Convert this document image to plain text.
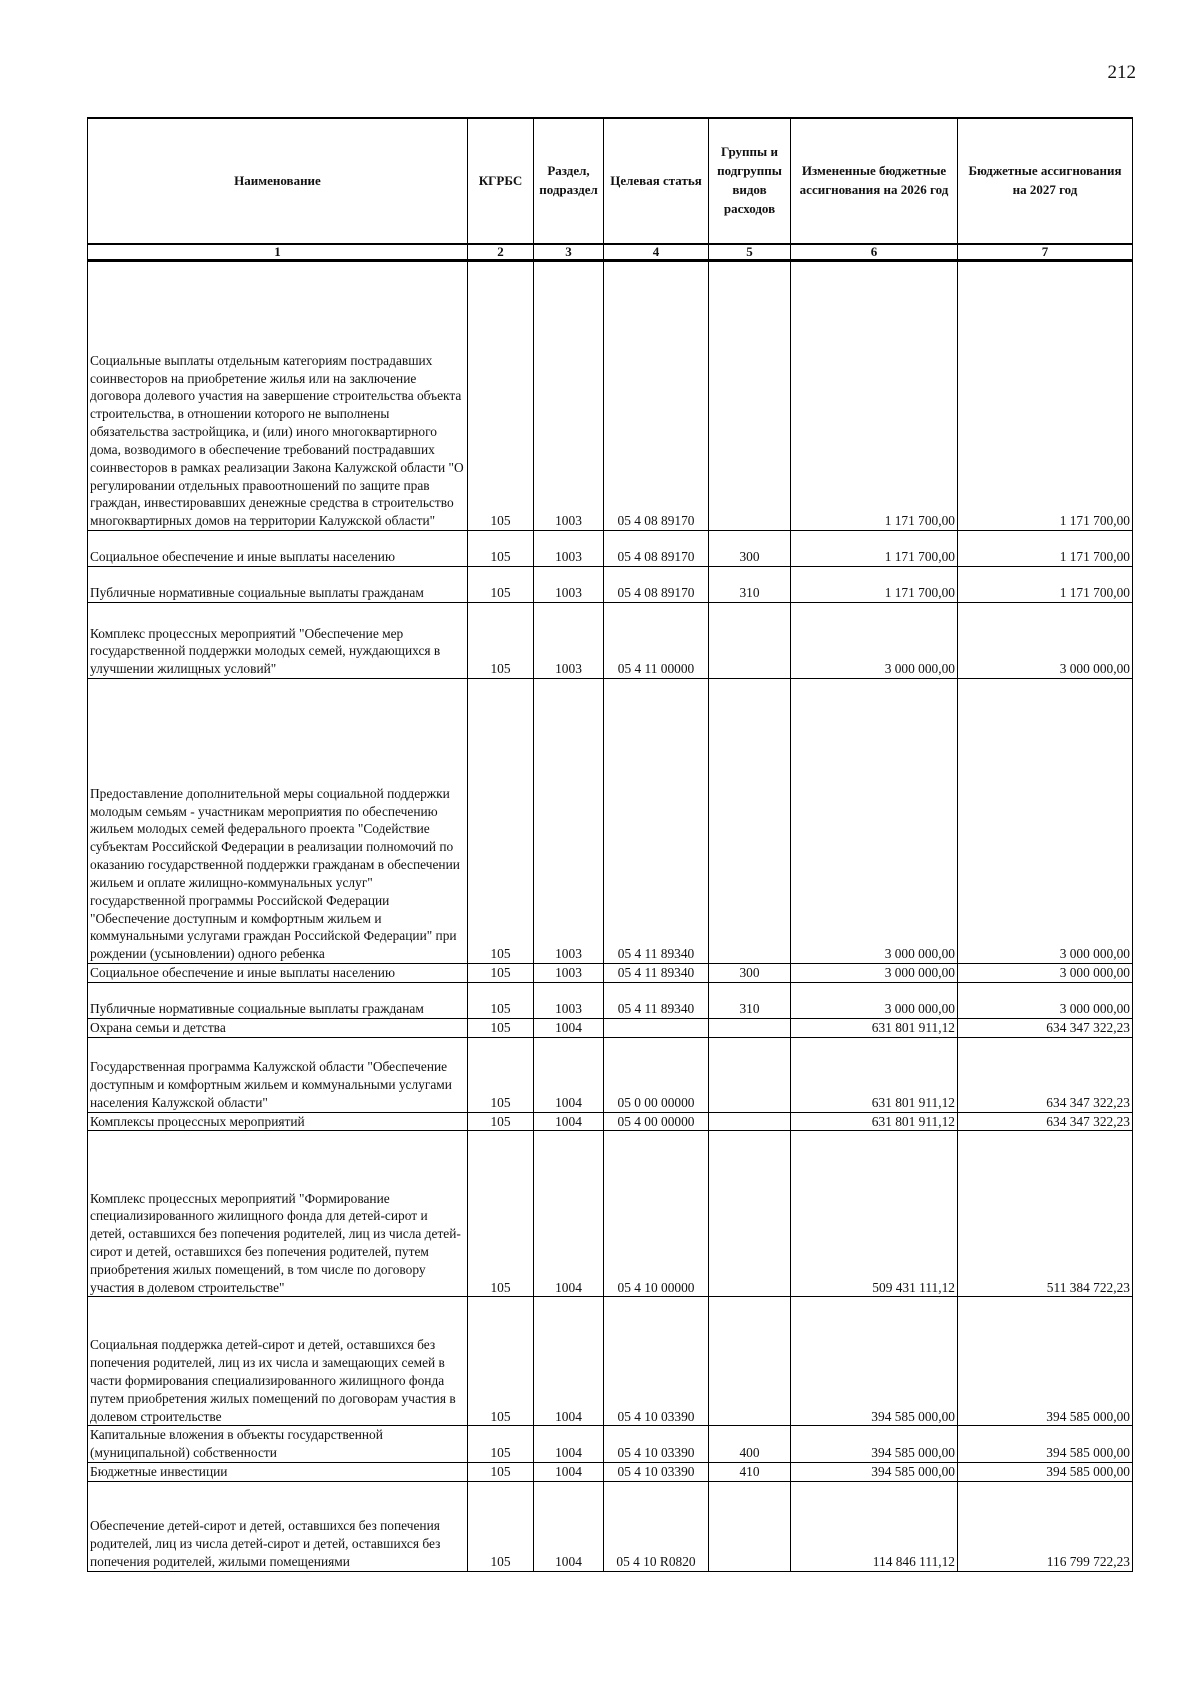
212
Наименование	КГРБС	Раздел, подраздел	Целевая статья	Группы и подгруппы видов расходов	Измененные бюджетные ассигнования на 2026 год	Бюджетные ассигнования на 2027 год
1	2	3	4	5	6	7
Социальные выплаты отдельным категориям пострадавших соинвесторов на приобретение жилья или на заключение договора долевого участия на завершение строительства объекта строительства, в отношении которого не выполнены обязательства застройщика, и (или) иного многоквартирного дома, возводимого в обеспечение требований пострадавших соинвесторов в рамках реализации Закона Калужской области "О регулировании отдельных правоотношений по защите прав граждан, инвестировавших денежные средства в строительство многоквартирных домов на территории Калужской области"	105	1003	05 4 08 89170		1 171 700,00	1 171 700,00
Социальное обеспечение и иные выплаты населению	105	1003	05 4 08 89170	300	1 171 700,00	1 171 700,00
Публичные нормативные социальные выплаты гражданам	105	1003	05 4 08 89170	310	1 171 700,00	1 171 700,00
Комплекс процессных мероприятий "Обеспечение мер государственной поддержки молодых семей, нуждающихся в улучшении жилищных условий"	105	1003	05 4 11 00000		3 000 000,00	3 000 000,00
Предоставление дополнительной меры социальной поддержки молодым семьям - участникам мероприятия по обеспечению жильем молодых семей федерального проекта "Содействие субъектам Российской Федерации в реализации полномочий по оказанию государственной поддержки гражданам в обеспечении жильем и оплате жилищно-коммунальных услуг" государственной программы Российской Федерации "Обеспечение доступным и комфортным жильем и коммунальными услугами граждан Российской Федерации" при рождении (усыновлении) одного ребенка	105	1003	05 4 11 89340		3 000 000,00	3 000 000,00
Социальное обеспечение и иные выплаты населению	105	1003	05 4 11 89340	300	3 000 000,00	3 000 000,00
Публичные нормативные социальные выплаты гражданам	105	1003	05 4 11 89340	310	3 000 000,00	3 000 000,00
Охрана семьи и детства	105	1004			631 801 911,12	634 347 322,23
Государственная программа Калужской области "Обеспечение доступным и комфортным жильем и коммунальными услугами населения Калужской области"	105	1004	05 0 00 00000		631 801 911,12	634 347 322,23
Комплексы процессных мероприятий	105	1004	05 4 00 00000		631 801 911,12	634 347 322,23
Комплекс процессных мероприятий "Формирование специализированного жилищного фонда для детей-сирот и детей, оставшихся без попечения родителей, лиц из числа детей-сирот и детей, оставшихся без попечения родителей, путем приобретения жилых помещений, в том числе по договору участия в долевом строительстве"	105	1004	05 4 10 00000		509 431 111,12	511 384 722,23
Социальная поддержка детей-сирот и детей, оставшихся без попечения родителей, лиц из их числа и замещающих семей в части формирования специализированного жилищного фонда путем приобретения жилых помещений по договорам участия в долевом строительстве	105	1004	05 4 10 03390		394 585 000,00	394 585 000,00
Капитальные вложения в объекты государственной (муниципальной) собственности	105	1004	05 4 10 03390	400	394 585 000,00	394 585 000,00
Бюджетные инвестиции	105	1004	05 4 10 03390	410	394 585 000,00	394 585 000,00
Обеспечение детей-сирот и детей, оставшихся без попечения родителей, лиц из числа детей-сирот и детей, оставшихся без попечения родителей, жилыми помещениями	105	1004	05 4 10 R0820		114 846 111,12	116 799 722,23
